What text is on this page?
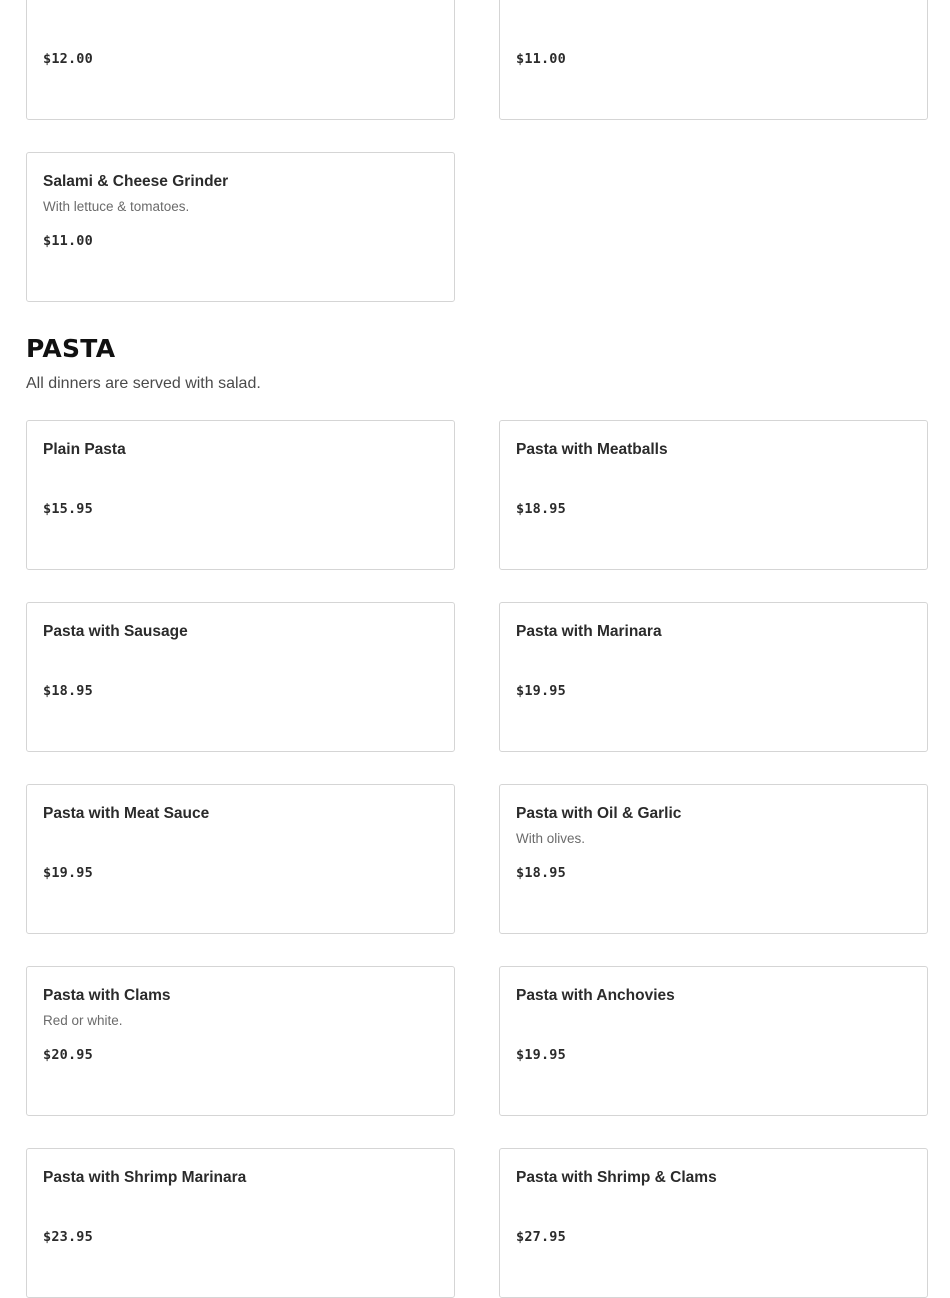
$12.00	$11.00
Salami & Cheese Grinder
With lettuce & tomatoes.
$11.00
PASTA
All dinners are served with salad.
Plain Pasta
$15.95
Pasta with Meatballs
$18.95
Pasta with Sausage
$18.95
Pasta with Marinara
$19.95
Pasta with Meat Sauce
$19.95
Pasta with Oil & Garlic
With olives.
$18.95
Pasta with Clams
Red or white.
$20.95
Pasta with Anchovies
$19.95
Pasta with Shrimp Marinara
$23.95
Pasta with Shrimp & Clams
$27.95
